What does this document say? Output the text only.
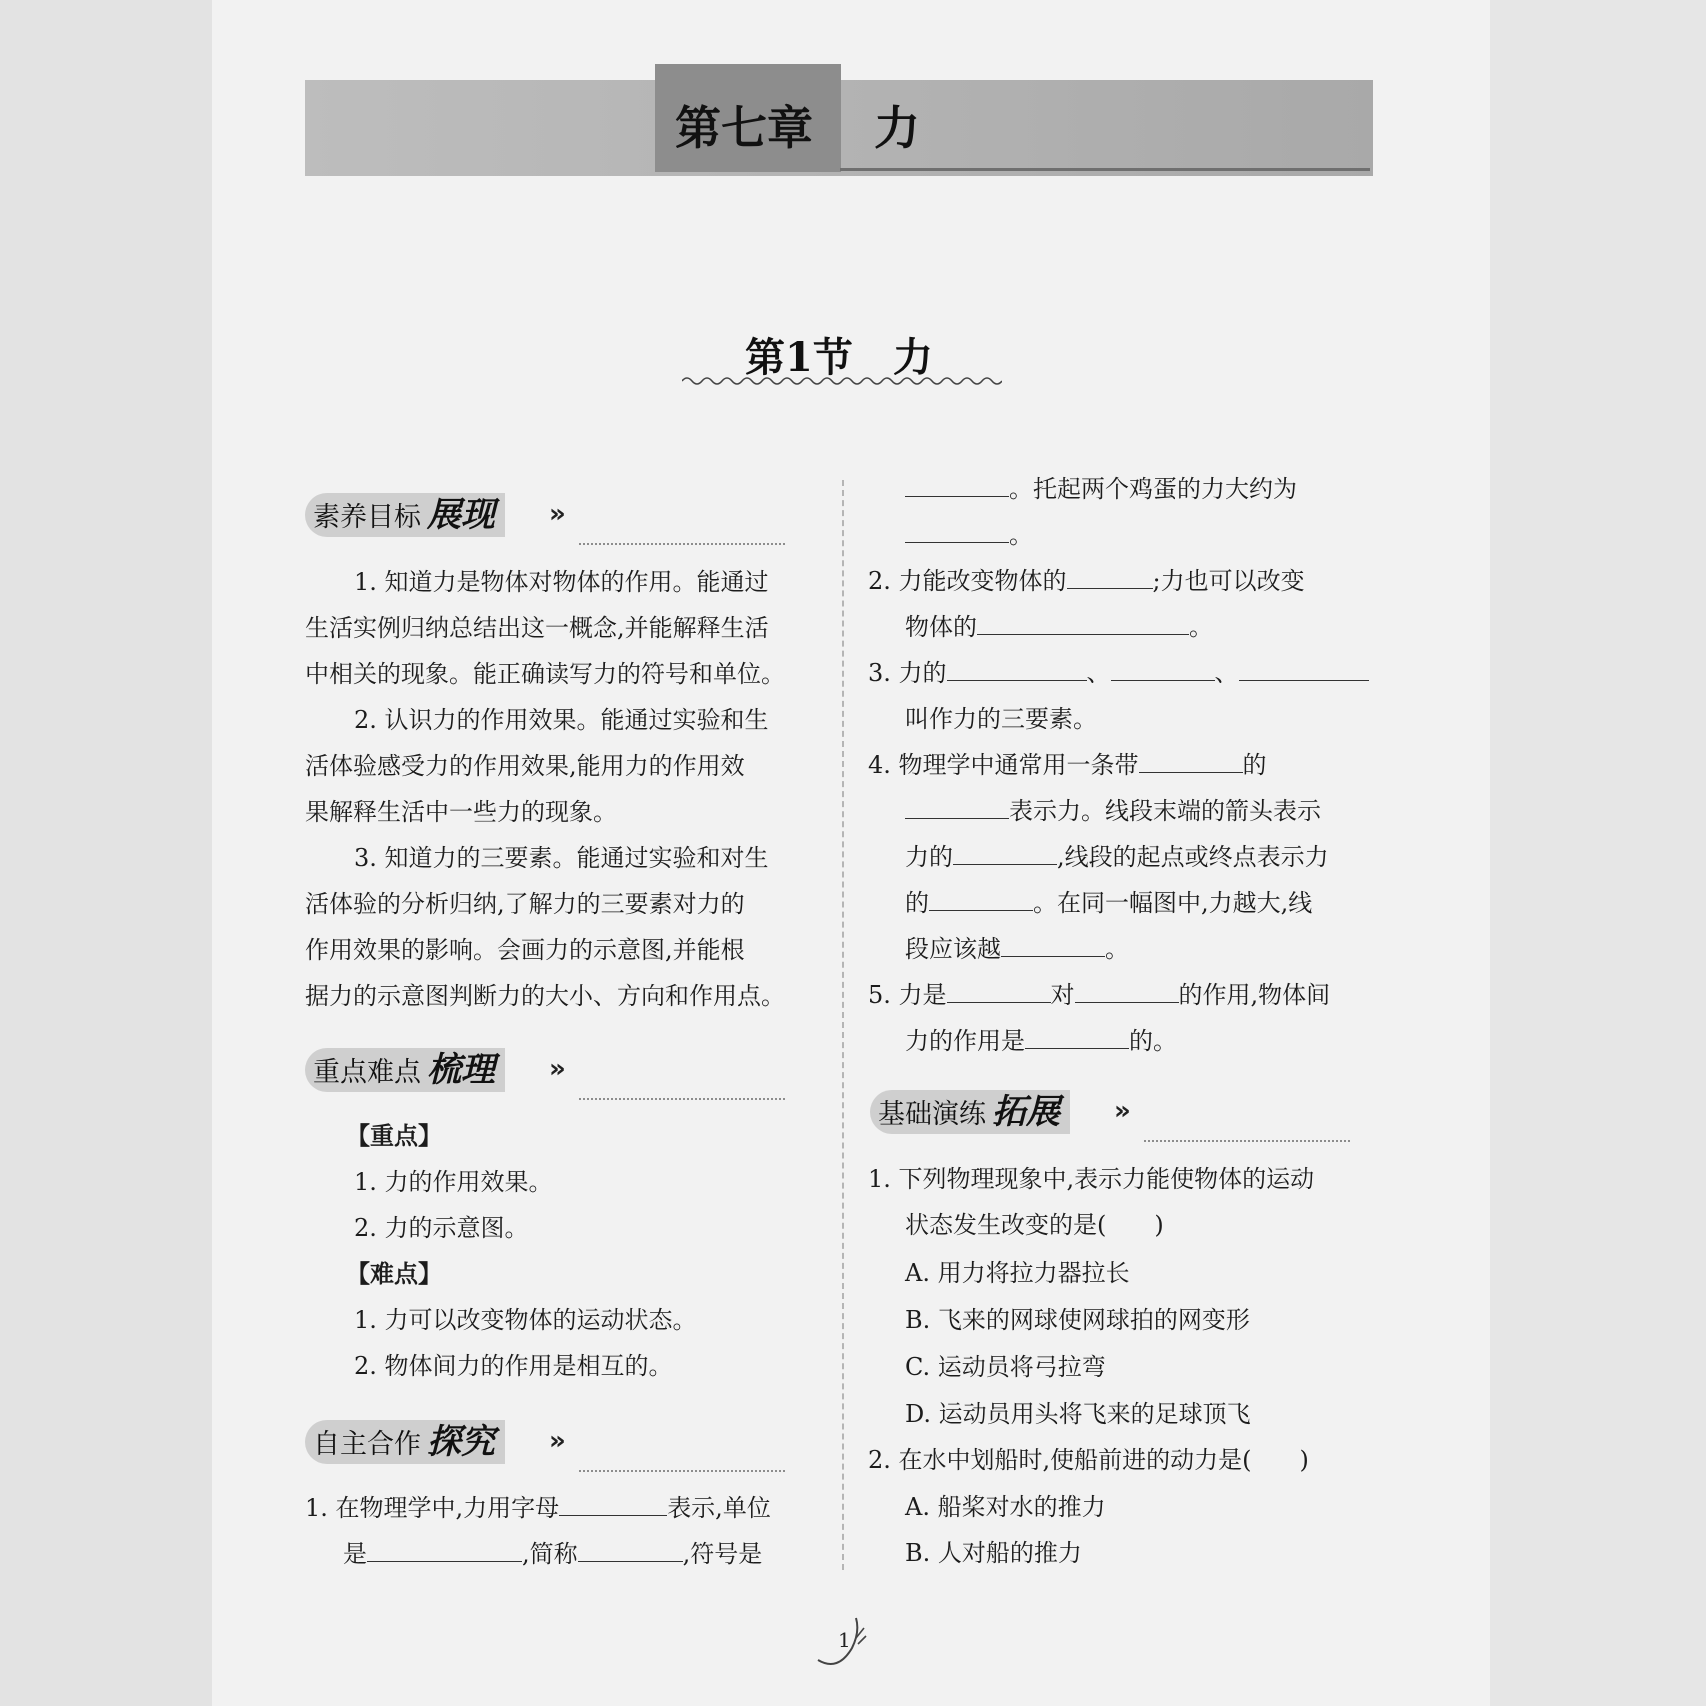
第七章 力
第1节　力
素养目标 展现	»
1. 知道力是物体对物体的作用。能通过
生活实例归纳总结出这一概念,并能解释生活
中相关的现象。能正确读写力的符号和单位。
2. 认识力的作用效果。能通过实验和生
活体验感受力的作用效果,能用力的作用效
果解释生活中一些力的现象。
3. 知道力的三要素。能通过实验和对生
活体验的分析归纳,了解力的三要素对力的
作用效果的影响。会画力的示意图,并能根
据力的示意图判断力的大小、方向和作用点。
重点难点 梳理	»
【重点】
1. 力的作用效果。
2. 力的示意图。
【难点】
1. 力可以改变物体的运动状态。
2. 物体间力的作用是相互的。
自主合作 探究	»
1. 在物理学中,力用字母	表示,单位
是	,简称	,符号是
。托起两个鸡蛋的力大约为
。
2. 力能改变物体的	;力也可以改变
物体的	。
3. 力的	、	、
叫作力的三要素。
4. 物理学中通常用一条带	的
表示力。线段末端的箭头表示
力的	,线段的起点或终点表示力
的	。在同一幅图中,力越大,线
段应该越	。
5. 力是	对	的作用,物体间
力的作用是	的。
基础演练 拓展	»
1. 下列物理现象中,表示力能使物体的运动
状态发生改变的是(　　)
A. 用力将拉力器拉长
B. 飞来的网球使网球拍的网变形
C. 运动员将弓拉弯
D. 运动员用头将飞来的足球顶飞
2. 在水中划船时,使船前进的动力是(　　)
A. 船桨对水的推力
B. 人对船的推力
1
